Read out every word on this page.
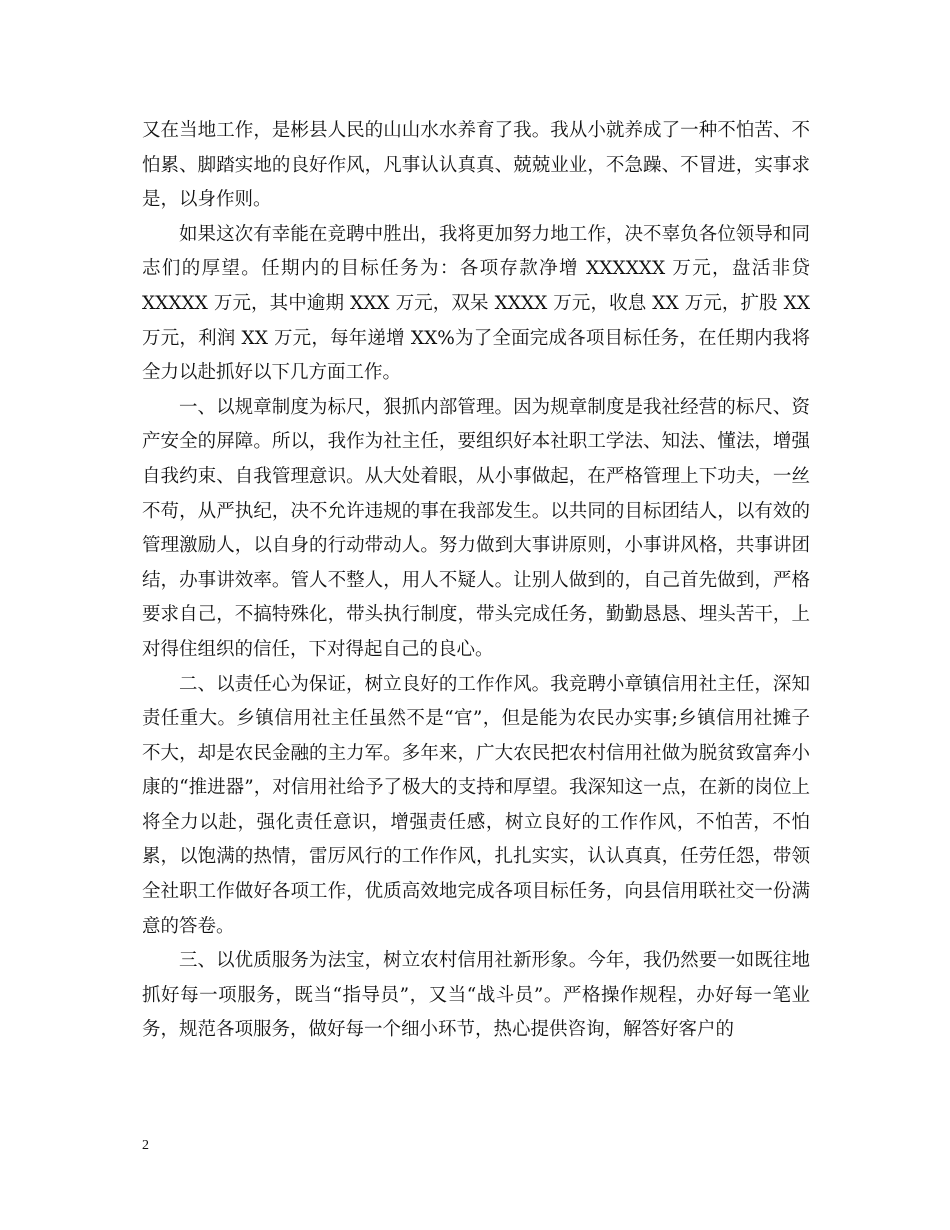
又在当地工作，是彬县人民的山山水水养育了我。我从小就养成了一种不怕苦、不怕累、脚踏实地的良好作风，凡事认认真真、兢兢业业，不急躁、不冒进，实事求是，以身作则。

如果这次有幸能在竞聘中胜出，我将更加努力地工作，决不辜负各位领导和同志们的厚望。任期内的目标任务为：各项存款净增 XXXXXX 万元，盘活非贷 XXXXX 万元，其中逾期 XXX 万元，双呆 XXXX 万元，收息 XX 万元，扩股 XX 万元，利润 XX 万元，每年递增 XX%为了全面完成各项目标任务，在任期内我将全力以赴抓好以下几方面工作。

一、以规章制度为标尺，狠抓内部管理。因为规章制度是我社经营的标尺、资产安全的屏障。所以，我作为社主任，要组织好本社职工学法、知法、懂法，增强自我约束、自我管理意识。从大处着眼，从小事做起，在严格管理上下功夫，一丝不苟，从严执纪，决不允许违规的事在我部发生。以共同的目标团结人，以有效的管理激励人，以自身的行动带动人。努力做到大事讲原则，小事讲风格，共事讲团结，办事讲效率。管人不整人，用人不疑人。让别人做到的，自己首先做到，严格要求自己，不搞特殊化，带头执行制度，带头完成任务，勤勤恳恳、埋头苦干，上对得住组织的信任，下对得起自己的良心。

二、以责任心为保证，树立良好的工作作风。我竞聘小章镇信用社主任，深知责任重大。乡镇信用社主任虽然不是“官”，但是能为农民办实事;乡镇信用社摊子不大，却是农民金融的主力军。多年来，广大农民把农村信用社做为脱贫致富奔小康的“推进器”，对信用社给予了极大的支持和厚望。我深知这一点，在新的岗位上将全力以赴，强化责任意识，增强责任感，树立良好的工作作风，不怕苦，不怕累，以饱满的热情，雷厉风行的工作作风，扎扎实实，认认真真，任劳任怨，带领全社职工作做好各项工作，优质高效地完成各项目标任务，向县信用联社交一份满意的答卷。

三、以优质服务为法宝，树立农村信用社新形象。今年，我仍然要一如既往地抓好每一项服务，既当“指导员”，又当“战斗员”。严格操作规程，办好每一笔业务，规范各项服务，做好每一个细小环节，热心提供咨询，解答好客户的

2
